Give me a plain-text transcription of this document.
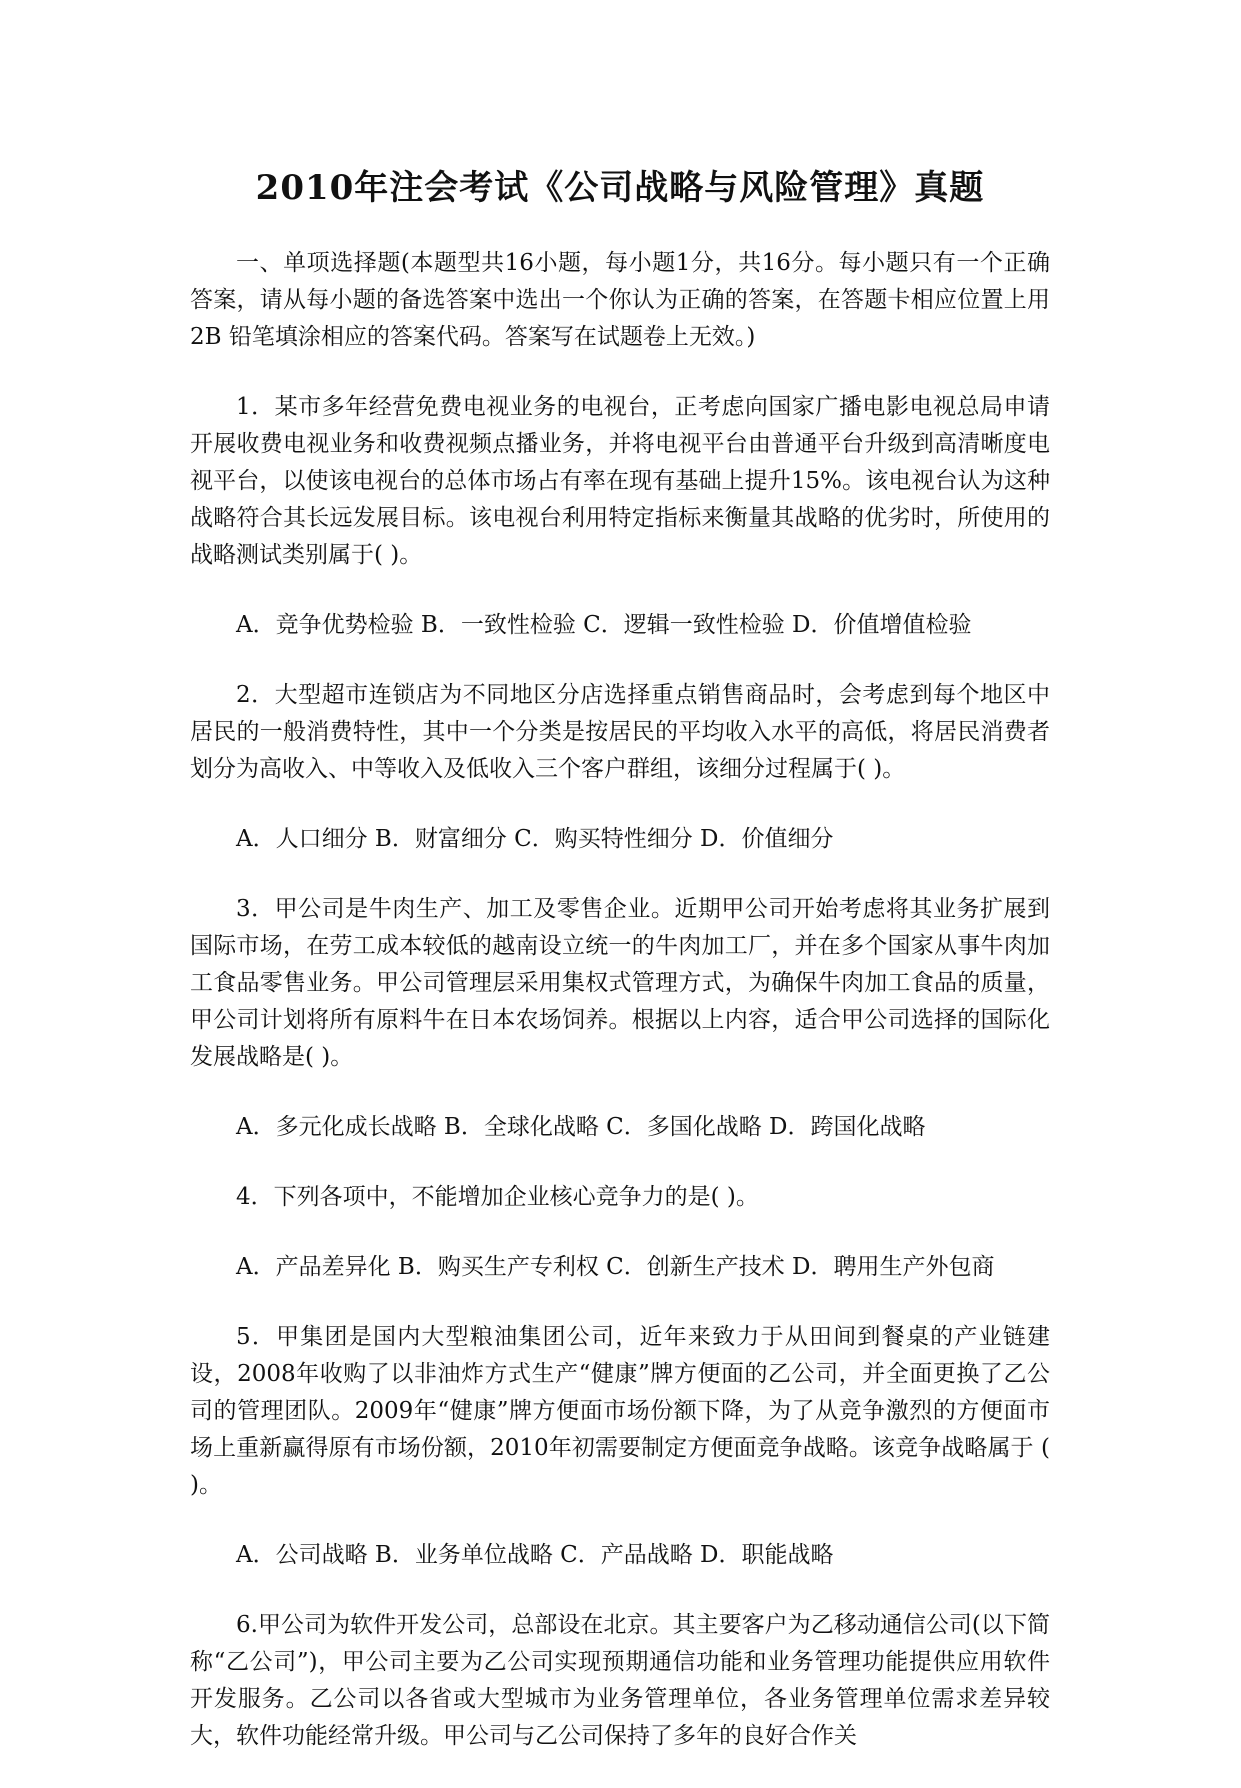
2010年注会考试《公司战略与风险管理》真题

一、单项选择题(本题型共16小题，每小题1分，共16分。每小题只有一个正确答案，请从每小题的备选答案中选出一个你认为正确的答案，在答题卡相应位置上用2B 铅笔填涂相应的答案代码。答案写在试题卷上无效。)

1．某市多年经营免费电视业务的电视台，正考虑向国家广播电影电视总局申请开展收费电视业务和收费视频点播业务，并将电视平台由普通平台升级到高清晰度电视平台，以使该电视台的总体市场占有率在现有基础上提升15%。该电视台认为这种战略符合其长远发展目标。该电视台利用特定指标来衡量其战略的优劣时，所使用的战略测试类别属于( )。

A．竞争优势检验 B．一致性检验 C．逻辑一致性检验 D．价值增值检验

2．大型超市连锁店为不同地区分店选择重点销售商品时，会考虑到每个地区中居民的一般消费特性，其中一个分类是按居民的平均收入水平的高低，将居民消费者划分为高收入、中等收入及低收入三个客户群组，该细分过程属于( )。

A．人口细分 B．财富细分 C．购买特性细分 D．价值细分

3．甲公司是牛肉生产、加工及零售企业。近期甲公司开始考虑将其业务扩展到国际市场，在劳工成本较低的越南设立统一的牛肉加工厂，并在多个国家从事牛肉加工食品零售业务。甲公司管理层采用集权式管理方式，为确保牛肉加工食品的质量，甲公司计划将所有原料牛在日本农场饲养。根据以上内容，适合甲公司选择的国际化发展战略是( )。

A．多元化成长战略 B．全球化战略 C．多国化战略 D．跨国化战略

4．下列各项中，不能增加企业核心竞争力的是( )。

A．产品差异化 B．购买生产专利权 C．创新生产技术 D．聘用生产外包商

5．甲集团是国内大型粮油集团公司，近年来致力于从田间到餐桌的产业链建设，2008年收购了以非油炸方式生产“健康”牌方便面的乙公司，并全面更换了乙公司的管理团队。2009年“健康”牌方便面市场份额下降，为了从竞争激烈的方便面市场上重新赢得原有市场份额，2010年初需要制定方便面竞争战略。该竞争战略属于 ( )。

A．公司战略 B．业务单位战略 C．产品战略 D．职能战略

6.甲公司为软件开发公司，总部设在北京。其主要客户为乙移动通信公司(以下简称“乙公司”)，甲公司主要为乙公司实现预期通信功能和业务管理功能提供应用软件开发服务。乙公司以各省或大型城市为业务管理单位，各业务管理单位需求差异较大，软件功能经常升级。甲公司与乙公司保持了多年的良好合作关
